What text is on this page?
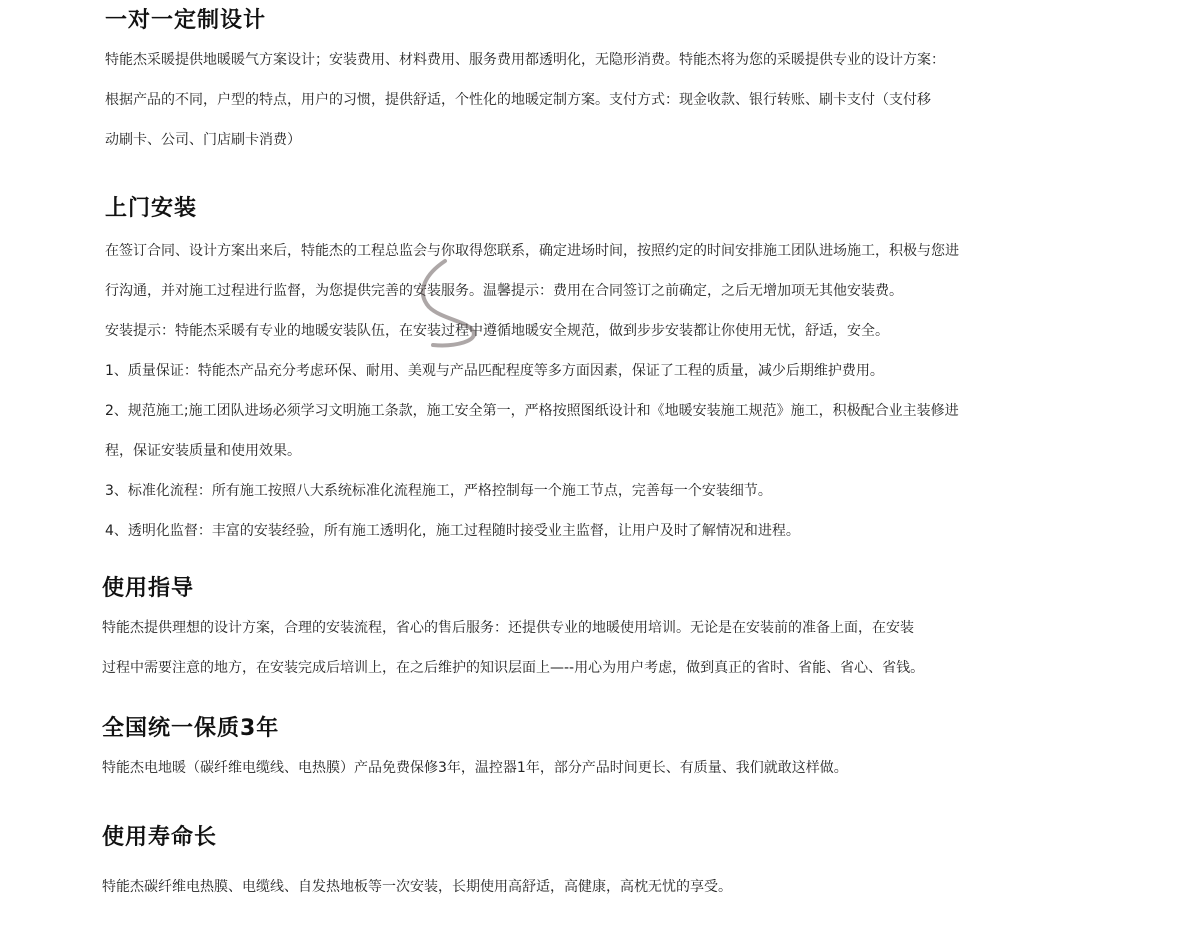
一对一定制设计

特能杰采暖提供地暖暖气方案设计；安装费用、材料费用、服务费用都透明化，无隐形消费。特能杰将为您的采暖提供专业的设计方案：

根据产品的不同，户型的特点，用户的习惯，提供舒适，个性化的地暖定制方案。支付方式：现金收款、银行转账、刷卡支付（支付移

动刷卡、公司、门店刷卡消费）

上门安装

在签订合同、设计方案出来后，特能杰的工程总监会与你取得您联系，确定进场时间，按照约定的时间安排施工团队进场施工，积极与您进

行沟通，并对施工过程进行监督，为您提供完善的安装服务。温馨提示：费用在合同签订之前确定，之后无增加项无其他安装费。

安装提示：特能杰采暖有专业的地暖安装队伍，在安装过程中遵循地暖安全规范，做到步步安装都让你使用无忧，舒适，安全。

1、质量保证：特能杰产品充分考虑环保、耐用、美观与产品匹配程度等多方面因素，保证了工程的质量，减少后期维护费用。

2、规范施工;施工团队进场必须学习文明施工条款，施工安全第一，严格按照图纸设计和《地暖安装施工规范》施工，积极配合业主装修进

程，保证安装质量和使用效果。

3、标准化流程：所有施工按照八大系统标准化流程施工，严格控制每一个施工节点，完善每一个安装细节。

4、透明化监督：丰富的安装经验，所有施工透明化，施工过程随时接受业主监督，让用户及时了解情况和进程。

使用指导

特能杰提供理想的设计方案，合理的安装流程，省心的售后服务：还提供专业的地暖使用培训。无论是在安装前的准备上面，在安装

过程中需要注意的地方，在安装完成后培训上，在之后维护的知识层面上—--用心为用户考虑，做到真正的省时、省能、省心、省钱。

全国统一保质3年

特能杰电地暖（碳纤维电缆线、电热膜）产品免费保修3年，温控器1年，部分产品时间更长、有质量、我们就敢这样做。

使用寿命长

特能杰碳纤维电热膜、电缆线、自发热地板等一次安装，长期使用高舒适，高健康，高枕无忧的享受。
